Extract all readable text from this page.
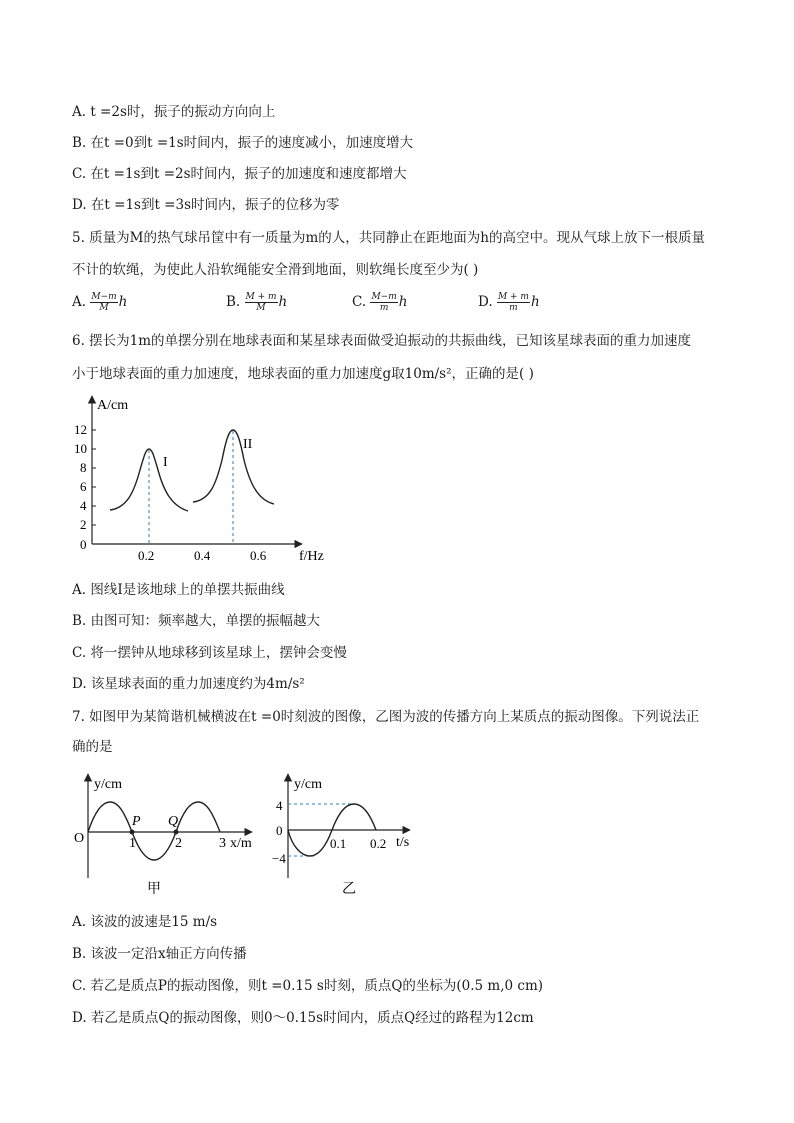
A. t =2s时，振子的振动方向向上
B. 在t =0到t =1s时间内，振子的速度减小，加速度增大
C. 在t =1s到t =2s时间内，振子的加速度和速度都增大
D. 在t =1s到t =3s时间内，振子的位移为零
5. 质量为M的热气球吊筐中有一质量为m的人，共同静止在距地面为h的高空中。现从气球上放下一根质量
不计的软绳，为使此人沿软绳能安全滑到地面，则软绳长度至少为( )
A. $\frac{M-m}{M}$ h	B. $\frac{M + m}{M}$ h	C. $\frac{M-m}{m}$ h	D. $\frac{M + m}{m}$ h
6. 摆长为1m的单摆分别在地球表面和某星球表面做受迫振动的共振曲线，已知该星球表面的重力加速度
小于地球表面的重力加速度，地球表面的重力加速度g取10m/s²，正确的是( )
A/cm
f/Hz
12
10
8
6
4
2
0
0.2	0.4	0.6
I
II
A. 图线I是该地球上的单摆共振曲线
B. 由图可知：频率越大，单摆的振幅越大
C. 将一摆钟从地球移到该星球上，摆钟会变慢
D. 该星球表面的重力加速度约为4m/s²
7. 如图甲为某简谐机械横波在t =0时刻波的图像，乙图为波的传播方向上某质点的振动图像。下列说法正
确的是
y/cm
x/m
O	1	2	3
P Q
甲
y/cm
t/s
4
0
−4
0.1 0.2
乙
A. 该波的波速是15 m/s
B. 该波一定沿x轴正方向传播
C. 若乙是质点P的振动图像，则t =0.15 s时刻，质点Q的坐标为(0.5 m,0 cm)
D. 若乙是质点Q的振动图像，则0～0.15s时间内，质点Q经过的路程为12cm
